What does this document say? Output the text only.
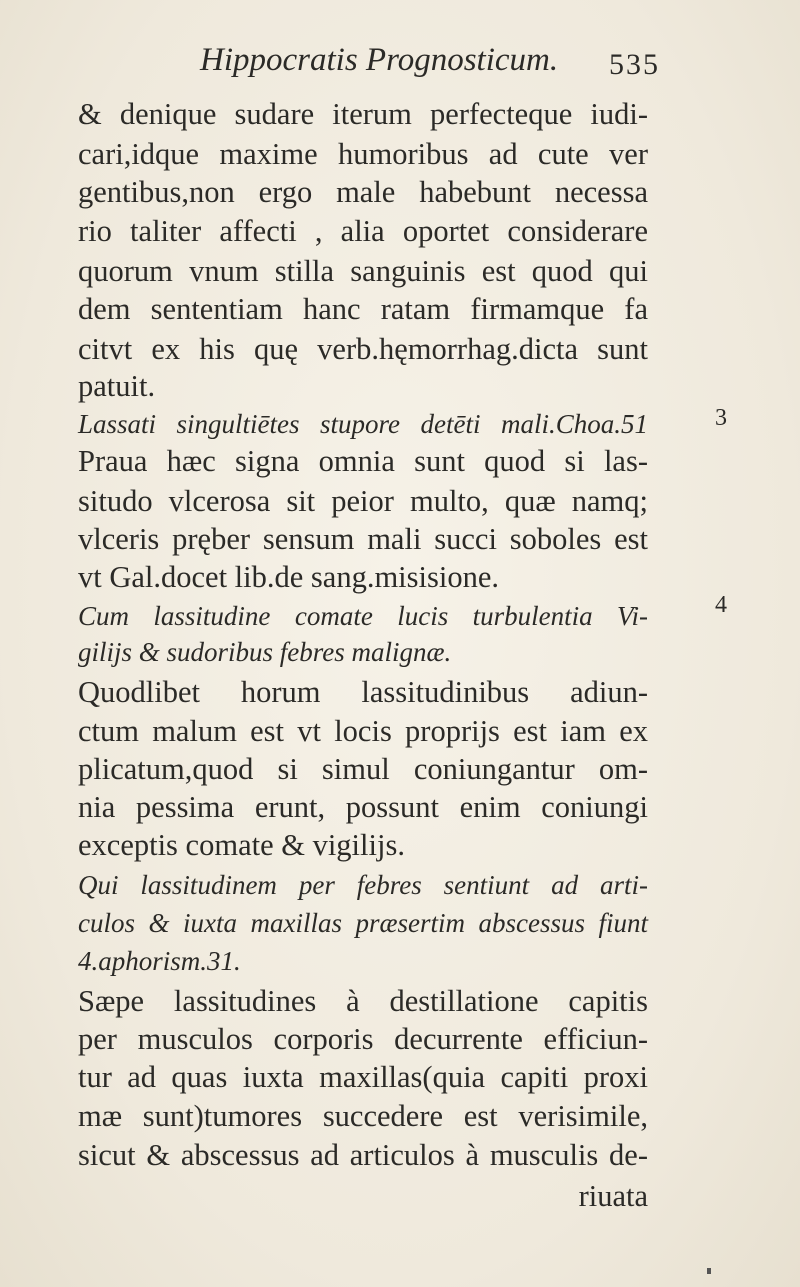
Hippocratis Prognosticum. 535
& denique sudare iterum perfecteque iudi-
cari,idque maxime humoribus ad cute ver
gentibus,non ergo male habebunt necessa
rio taliter affecti , alia oportet considerare
quorum vnum stilla sanguinis est quod qui
dem sententiam hanc ratam firmamque fa
citvt ex his quę verb.hęmorrhag.dicta sunt
patuit.
Lassati singultiētes stupore detēti mali.Choa.51
Praua hæc signa omnia sunt quod si las-
situdo vlcerosa sit peior multo, quæ namq;
vlceris pręber sensum mali succi soboles est
vt Gal.docet lib.de sang.misisione.
Cum lassitudine comate lucis turbulentia Vi-
gilijs & sudoribus febres malignæ.
Quodlibet horum lassitudinibus adiun-
ctum malum est vt locis proprijs est iam ex
plicatum,quod si simul coniungantur om-
nia pessima erunt, possunt enim coniungi
exceptis comate & vigilijs.
Qui lassitudinem per febres sentiunt ad arti-
culos & iuxta maxillas præsertim abscessus fiunt
4.aphorism.31.
Sæpe lassitudines à destillatione capitis
per musculos corporis decurrente efficiun-
tur ad quas iuxta maxillas(quia capiti proxi
mæ sunt)tumores succedere est verisimile,
sicut & abscessus ad articulos à musculis de-
riuata
3
4
